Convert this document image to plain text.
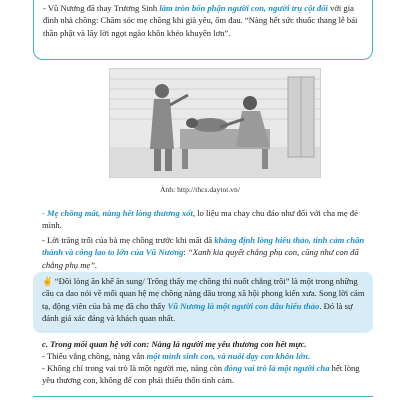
- Vũ Nương đã thay Trương Sinh làm tròn bổn phận người con, người trụ cột đối với gia đình nhà chồng: Chăm sóc mẹ chồng khi già yếu, ốm đau. “Nàng hết sức thuốc thang lễ bái thần phật và lấy lời ngọt ngào khôn khéo khuyên lơn”.
Ảnh: http://thcs.daytot.vn/
- Mẹ chồng mất, nàng hết lòng thương xót, lo liệu ma chay chu đáo như đối với cha mẹ đẻ mình.
- Lời trăng trối của bà mẹ chồng trước khi mất đã khẳng định lòng hiếu thảo, tình cảm chân thành và công lao to lớn của Vũ Nương: “Xanh kia quyết chẳng phụ con, cũng như con đã chẳng phụ mẹ”.
✌ “Đôi lòng ăn khế ăn sung/ Trông thấy mẹ chồng thì nuốt chẳng trôi” là một trong những câu ca dao nói về mối quan hệ mẹ chồng nàng dâu trong xã hội phong kiến xưa. Song lời cảm tạ, động viên của bà mẹ đã cho thấy Vũ Nương là một người con dâu hiếu thảo. Đó là sự đánh giá xác đáng và khách quan nhất.
c. Trong mối quan hệ với con: Nàng là người mẹ yêu thương con hết mực.
- Thiếu vắng chồng, nàng vẫn một mình sinh con, và nuôi dạy con khôn lớn.
- Không chỉ trong vai trò là một người mẹ, nàng còn đóng vai trò là một người cha hết lòng yêu thương con, không để con phải thiếu thốn tình cảm.
